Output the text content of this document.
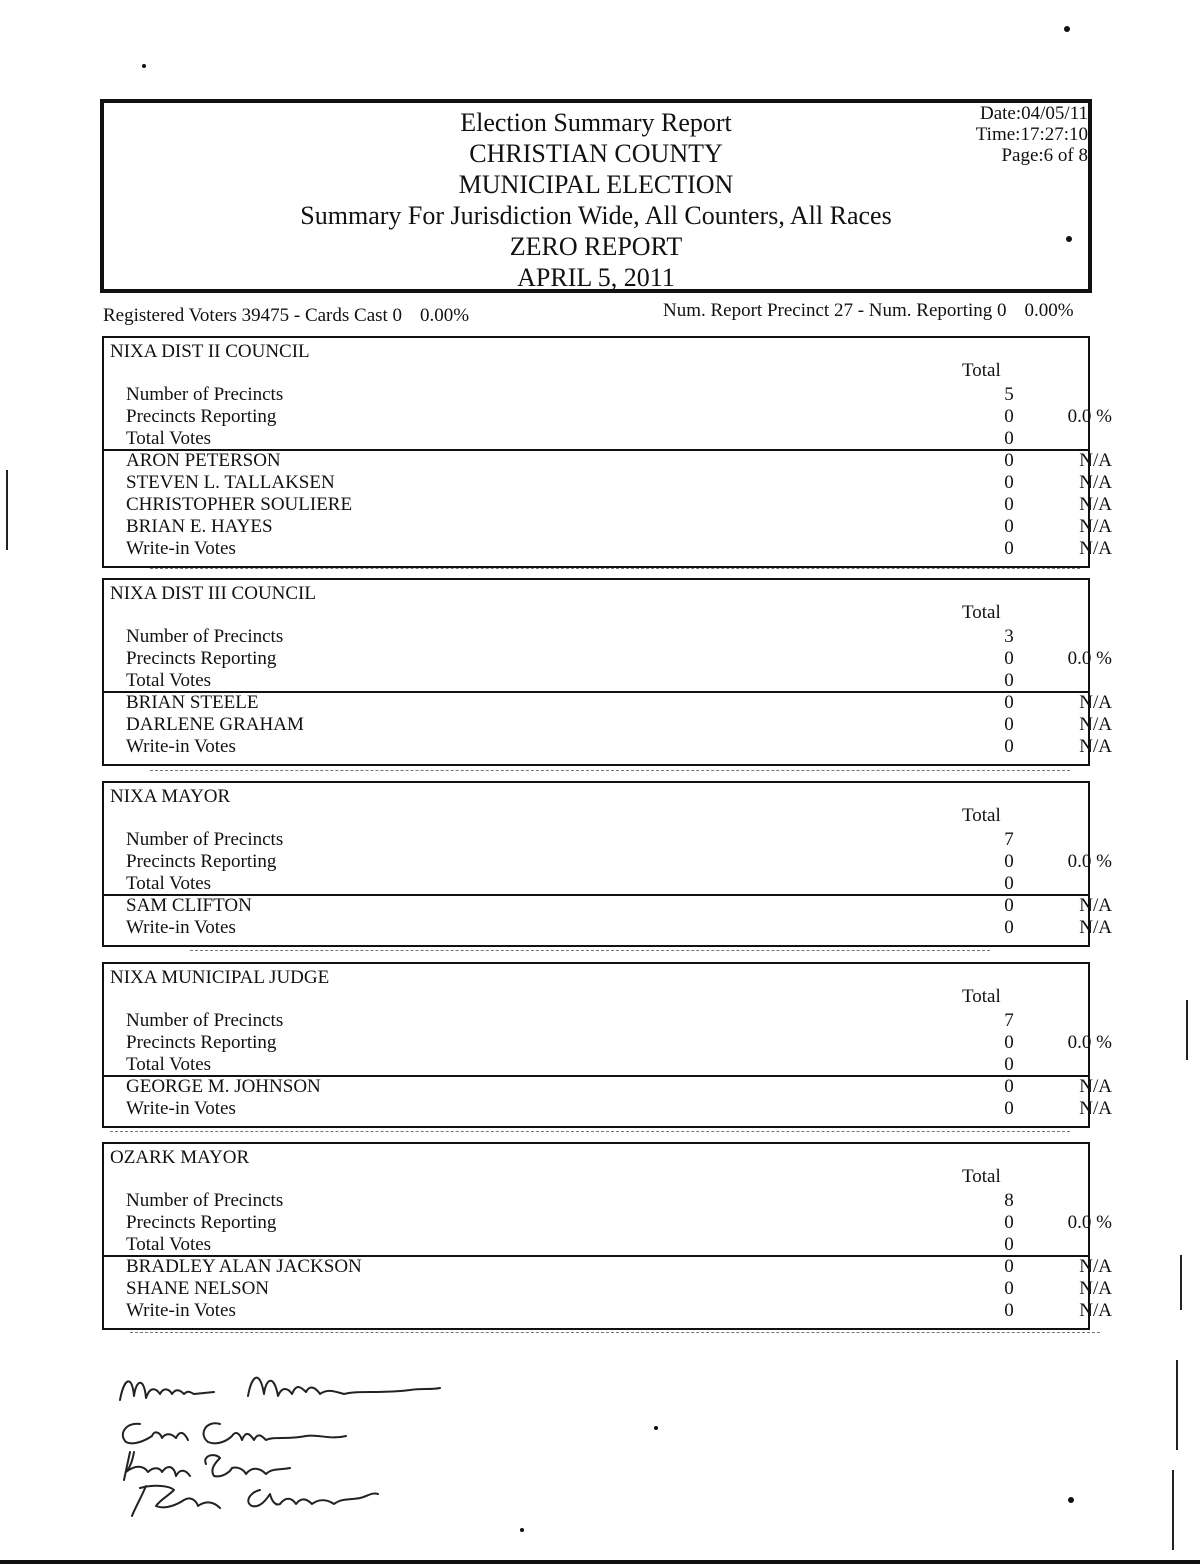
Election Summary Report
CHRISTIAN COUNTY
MUNICIPAL ELECTION
Summary For Jurisdiction Wide, All Counters, All Races
ZERO REPORT
APRIL 5, 2011
Date:04/05/11
Time:17:27:10
Page:6 of 8
Registered Voters 39475 - Cards Cast 0 0.00%	Num. Report Precinct 27 - Num. Reporting 0 0.00%
NIXA DIST II COUNCIL
Total
Number of Precincts	5
Precincts Reporting	0	0.0 %
Total Votes	0
ARON PETERSON	0	N/A
STEVEN L. TALLAKSEN	0	N/A
CHRISTOPHER SOULIERE	0	N/A
BRIAN E. HAYES	0	N/A
Write-in Votes	0	N/A
NIXA DIST III COUNCIL
Total
Number of Precincts	3
Precincts Reporting	0	0.0 %
Total Votes	0
BRIAN STEELE	0	N/A
DARLENE GRAHAM	0	N/A
Write-in Votes	0	N/A
NIXA MAYOR
Total
Number of Precincts	7
Precincts Reporting	0	0.0 %
Total Votes	0
SAM CLIFTON	0	N/A
Write-in Votes	0	N/A
NIXA MUNICIPAL JUDGE
Total
Number of Precincts	7
Precincts Reporting	0	0.0 %
Total Votes	0
GEORGE M. JOHNSON	0	N/A
Write-in Votes	0	N/A
OZARK MAYOR
Total
Number of Precincts	8
Precincts Reporting	0	0.0 %
Total Votes	0
BRADLEY ALAN JACKSON	0	N/A
SHANE NELSON	0	N/A
Write-in Votes	0	N/A
